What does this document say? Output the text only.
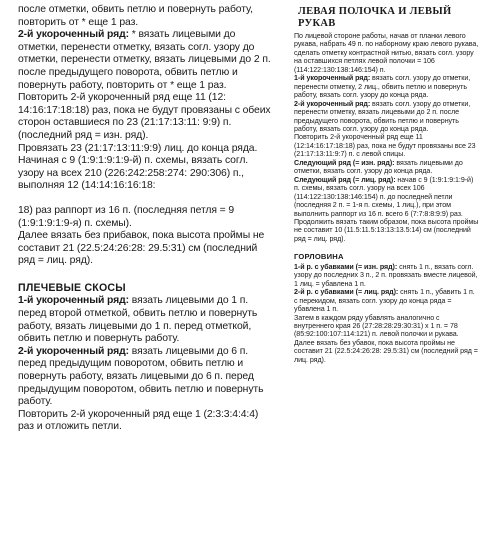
после отметки, обвить петлю и повернуть работу, повторить от * еще 1 раз.

2-й укороченный ряд: * вязать лицевыми до отметки, перенести отметку, вязать согл. узору до отметки, перенести отметку, вязать лицевыми до 2 п. после предыдущего поворота, обвить петлю и повернуть работу, повторить от * еще 1 раз.

Повторить 2-й укороченный ряд еще 11 (12: 14:16:17:18:18) раз, пока не будут провязаны с обеих сторон оставшиеся по 23 (21:17:13:11: 9:9) п. (последний ряд = изн. ряд).

Провязать 23 (21:17:13:11:9:9) лиц. до конца ряда.

Начиная с 9 (1:9:1:9:1:9-й) п. схемы, вязать согл. узору на всех 210 (226:242:258:274: 290:306) п., выполняя 12 (14:14:16:16:18:

18) раз раппорт из 16 п. (последняя петля = 9 (1:9:1:9:1:9-я) п. схемы).

Далее вязать без прибавок, пока высота проймы не составит 21 (22.5:24:26:28: 29.5:31) см (последний ряд = лиц. ряд).

ПЛЕЧЕВЫЕ СКОСЫ

1-й укороченный ряд: вязать лицевыми до 1 п. перед второй отметкой, обвить петлю и повернуть работу, вязать лицевыми до 1 п. перед отметкой, обвить петлю и повернуть работу.

2-й укороченный ряд: вязать лицевыми до 6 п. перед предыдущим поворотом, обвить петлю и повернуть работу, вязать лицевыми до 6 п. перед предыдущим поворотом, обвить петлю и повернуть работу.

Повторить 2-й укороченный ряд еще 1 (2:3:3:4:4:4) раз и отложить петли.

ЛЕВАЯ ПОЛОЧКА И ЛЕВЫЙ РУКАВ

По лицевой стороне работы, начав от планки левого рукава, набрать 49 п. по наборному краю левого рукава, сделать отметку контрастной нитью, вязать согл. узору на оставшихся петлях левой полочки = 106 (114:122:130:138:146:154) п.

1-й укороченный ряд: вязать согл. узору до отметки, перенести отметку, 2 лиц., обвить петлю и повернуть работу, вязать согл. узору до конца ряда.

2-й укороченный ряд: вязать согл. узору до отметки, перенести отметку, вязать лицевыми до 2 п. после предыдущего поворота, обвить петлю и повернуть работу, вязать согл. узору до конца ряда.

Повторить 2-й укороченный ряд еще 11 (12:14:16:17:18:18) раз, пока не будут провязаны все 23 (21:17:13:11:9:7) п. с левой спицы.

Следующий ряд (= изн. ряд): вязать лицевыми до отметки, вязать согл. узору до конца ряда.

Следующий ряд (= лиц. ряд): начав с 9 (1:9:1:9:1:9-й) п. схемы, вязать согл. узору на всех 106 (114:122:130:138:146:154) п. до последней петли (последняя 2 п. = 1-я п. схемы, 1 лиц.), при этом выполнить раппорт из 16 п. всего 6 (7:7:8:8:9:9) раз.

Продолжить вязать таким образом, пока высота проймы не составит 10 (11.5:11.5:13:13:13.5:14) см (последний ряд = лиц. ряд).

ГОРЛОВИНА

1-й р. с убавками (= изн. ряд): снять 1 п., вязать согл. узору до последних 3 п., 2 п. провязать вместе лицевой, 1 лиц. = убавлена 1 п.

2-й р. с убавками (= лиц. ряд): снять 1 п., убавить 1 п. с перекидом, вязать согл. узору до конца ряда = убавлена 1 п.

Затем в каждом ряду убавлять аналогично с внутреннего края 26 (27:28:28:29:30:31) х 1 п. = 78 (85:92:100:107:114:121) п. левой полочки и рукава.

Далее вязать без убавок, пока высота проймы не составит 21 (22.5:24:26:28: 29.5:31) см (последний ряд = лиц. ряд).
